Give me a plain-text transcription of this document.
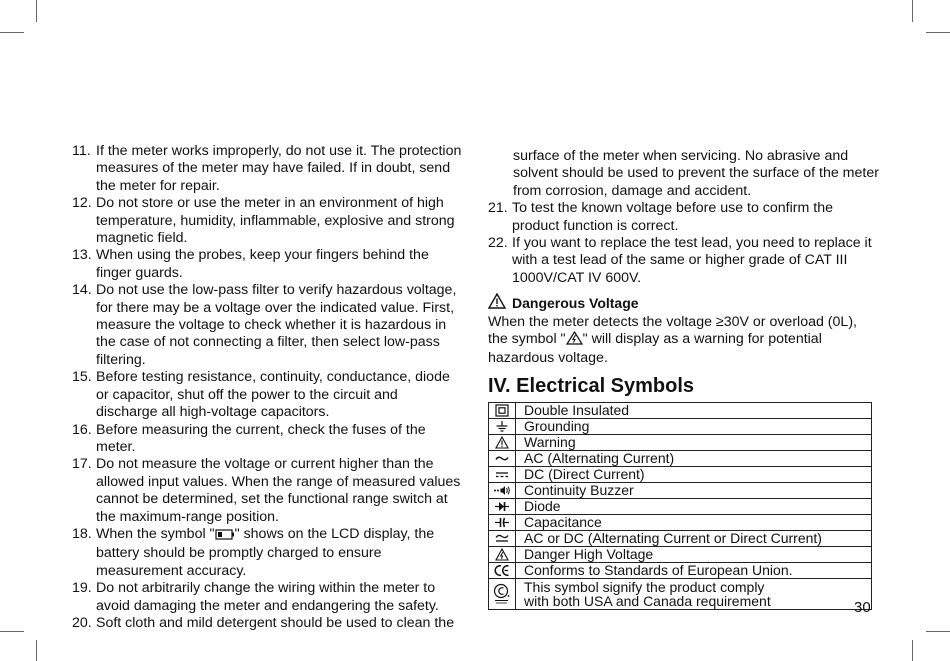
11. If the meter works improperly, do not use it. The protection measures of the meter may have failed. If in doubt, send the meter for repair.
12. Do not store or use the meter in an environment of high temperature, humidity, inflammable, explosive and strong magnetic field.
13. When using the probes, keep your fingers behind the finger guards.
14. Do not use the low-pass filter to verify hazardous voltage, for there may be a voltage over the indicated value. First, measure the voltage to check whether it is hazardous in the case of not connecting a filter, then select low-pass filtering.
15. Before testing resistance, continuity, conductance, diode or capacitor, shut off the power to the circuit and discharge all high-voltage capacitors.
16. Before measuring the current, check the fuses of the meter.
17. Do not measure the voltage or current higher than the allowed input values. When the range of measured values cannot be determined, set the functional range switch at the maximum-range position.
18. When the symbol " " shows on the LCD display, the battery should be promptly charged to ensure measurement accuracy.
19. Do not arbitrarily change the wiring within the meter to avoid damaging the meter and endangering the safety.
20. Soft cloth and mild detergent should be used to clean the

surface of the meter when servicing. No abrasive and solvent should be used to prevent the surface of the meter from corrosion, damage and accident.

21. To test the known voltage before use to confirm the product function is correct.
22. If you want to replace the test lead, you need to replace it with a test lead of the same or higher grade of CAT III 1000V/CAT IV 600V.
Dangerous Voltage

When the meter detects the voltage ≥30V or overload (0L), the symbol " " will display as a warning for potential hazardous voltage.

IV. Electrical Symbols
	Double Insulated

	Grounding

	Warning

	AC (Alternating Current)

	DC (Direct Current)

	Continuity Buzzer

	Diode

	Capacitance

	AC or DC (Alternating Current or Direct Current)

	Danger High Voltage

	Conforms to Standards of European Union.

This symbol signify the product comply
with both USA and Canada requirement	30
